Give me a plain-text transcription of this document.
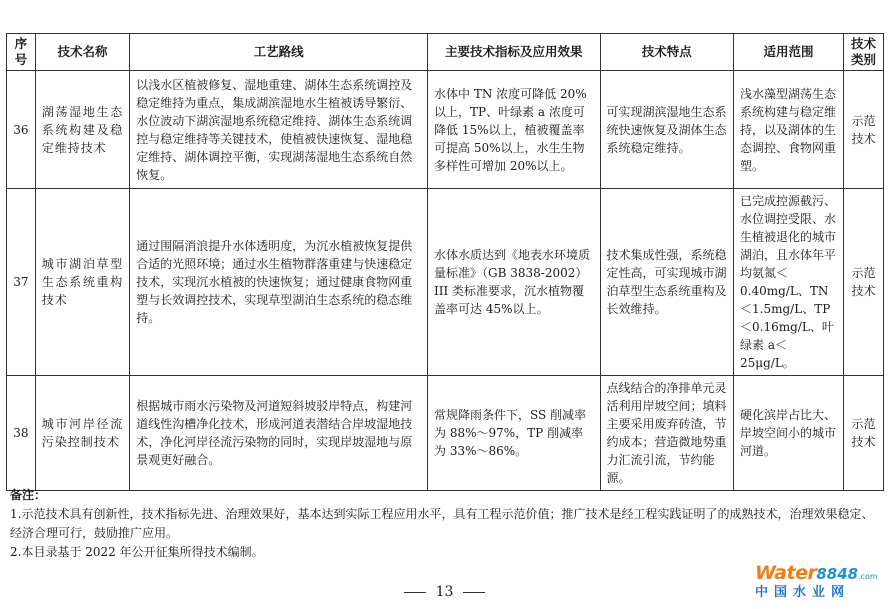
序号	技术名称	工艺路线	主要技术指标及应用效果	技术特点	适用范围	技术类别
36	湖荡湿地生态系统构建及稳定维持技术	以浅水区植被修复、湿地重建、湖体生态系统调控及稳定维持为重点，集成湖滨湿地水生植被诱导繁衍、水位波动下湖滨湿地系统稳定维持、湖体生态系统调控与稳定维持等关键技术，使植被快速恢复、湿地稳定维持、湖体调控平衡，实现湖荡湿地生态系统自然恢复。	水体中 TN 浓度可降低 20%以上，TP、叶绿素 a 浓度可降低 15%以上，植被覆盖率可提高 50%以上，水生生物多样性可增加 20%以上。	可实现湖滨湿地生态系统快速恢复及湖体生态系统稳定维持。	浅水藻型湖荡生态系统构建与稳定维持，以及湖体的生态调控、食物网重塑。	示范技术
37	城市湖泊草型生态系统重构技术	通过围隔消浪提升水体透明度，为沉水植被恢复提供合适的光照环境；通过水生植物群落重建与快速稳定技术，实现沉水植被的快速恢复；通过健康食物网重塑与长效调控技术，实现草型湖泊生态系统的稳态维持。	水体水质达到《地表水环境质量标准》（GB 3838-2002）III 类标准要求，沉水植物覆盖率可达 45%以上。	技术集成性强，系统稳定性高，可实现城市湖泊草型生态系统重构及长效维持。	已完成控源截污、水位调控受限、水生植被退化的城市湖泊，且水体年平均氨氮＜0.40mg/L、TN＜1.5mg/L、TP＜0.16mg/L、叶绿素 a＜25μg/L。	示范技术
38	城市河岸径流污染控制技术	根据城市雨水污染物及河道短斜坡驳岸特点，构建河道线性沟槽净化技术，形成河道表潜结合岸坡湿地技术，净化河岸径流污染物的同时，实现岸坡湿地与原景观更好融合。	常规降雨条件下，SS 削减率为 88%～97%，TP 削减率为 33%～86%。	点线结合的净排单元灵活利用岸坡空间；填料主要采用废弃砖渣，节约成本；营造微地势重力汇流引流，节约能源。	硬化滨岸占比大、岸坡空间小的城市河道。	示范技术
备注：
1.示范技术具有创新性，技术指标先进、治理效果好，基本达到实际工程应用水平，具有工程示范价值；推广技术是经工程实践证明了的成熟技术，治理效果稳定、经济合理可行，鼓励推广应用。
2.本目录基于 2022 年公开征集所得技术编制。
13
Water8848.com
中国水业网
